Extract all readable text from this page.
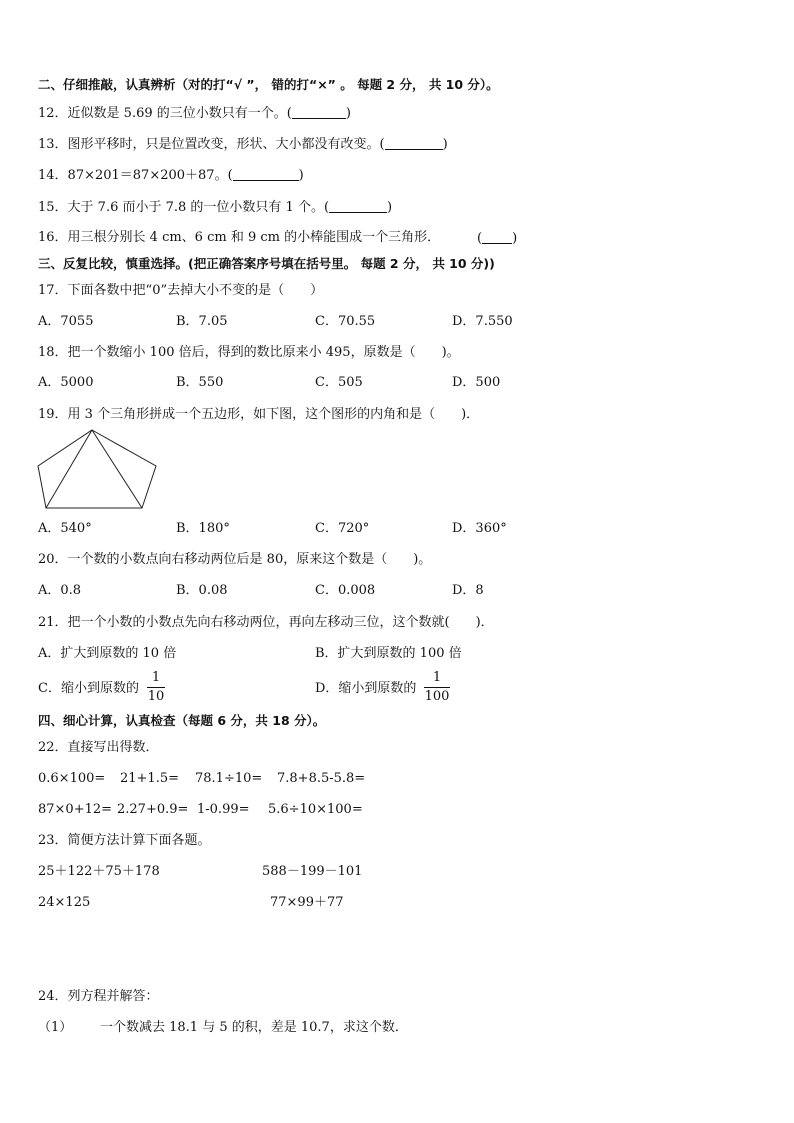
二、仔细推敲，认真辨析（对的打“√ ”， 错的打“×” 。 每题 2 分， 共 10 分）。
12．近似数是 5.69 的三位小数只有一个。(	)
13．图形平移时，只是位置改变，形状、大小都没有改变。(	)
14．87×201＝87×200＋87。(	)
15．大于 7.6 而小于 7.8 的一位小数只有 1 个。(	)
16．用三根分别长 4 cm、6 cm 和 9 cm 的小棒能围成一个三角形．	( )
三、反复比较，慎重选择。(把正确答案序号填在括号里。 每题 2 分， 共 10 分))
17．下面各数中把“0”去掉大小不变的是（　　）
A．7055	B．7.05	C．70.55	D．7.550
18．把一个数缩小 100 倍后，得到的数比原来小 495，原数是（　　)。
A．5000	B．550	C．505	D．500
19．用 3 个三角形拼成一个五边形，如下图，这个图形的内角和是（　　)．
A．540°	B．180°	C．720°	D．360°
20．一个数的小数点向右移动两位后是 80，原来这个数是（　　)。
A．0.8	B．0.08	C．0.008	D．8
21．把一个小数的小数点先向右移动两位，再向左移动三位，这个数就(　　)．
A．扩大到原数的 10 倍	B．扩大到原数的 100 倍
C．缩小到原数的
1
10
D．缩小到原数的
1
100
四、细心计算，认真检查（每题 6 分，共 18 分）。
22．直接写出得数．
0.6×100= 21+1.5= 78.1÷10= 7.8+8.5-5.8=
87×0+12= 2.27+0.9= 1-0.99= 5.6÷10×100=
23．简便方法计算下面各题。
25＋122＋75＋178	588－199－101
24×125	77×99＋77
24．列方程并解答：
（1） 一个数减去 18.1 与 5 的积，差是 10.7，求这个数．
